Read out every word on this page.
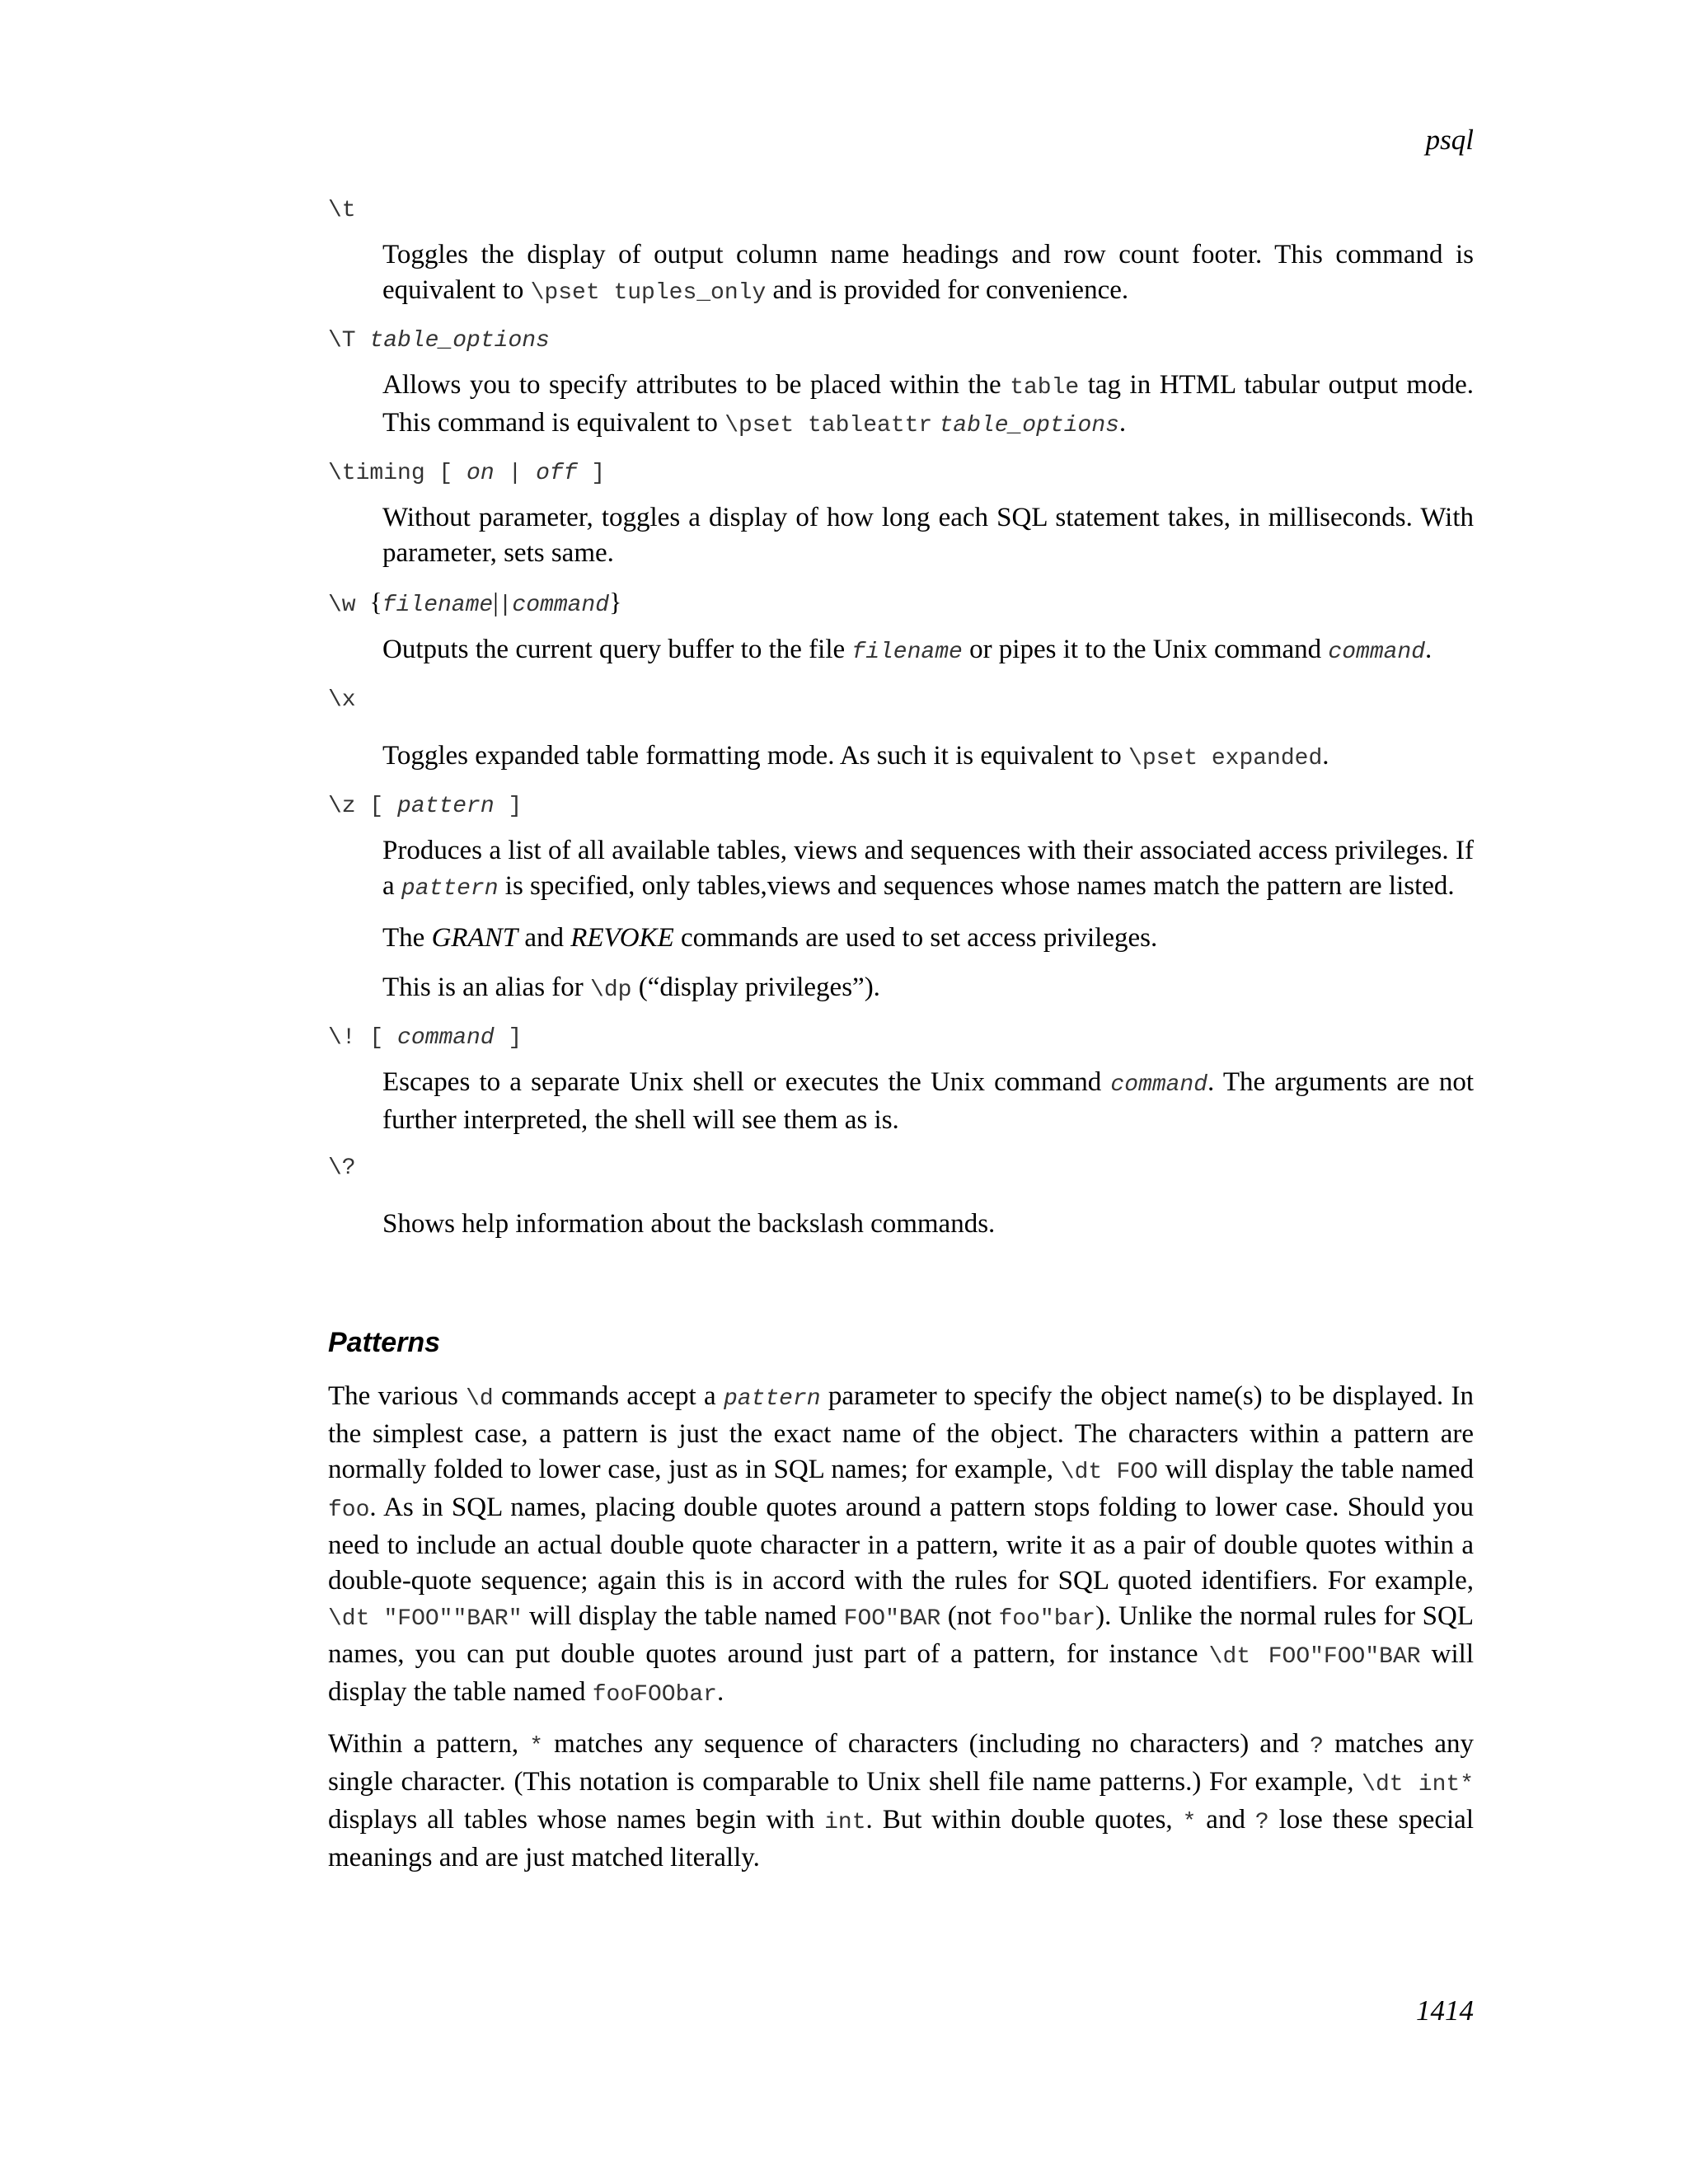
psql
\t

Toggles the display of output column name headings and row count footer. This command is equivalent to \pset tuples_only and is provided for convenience.

\T table_options

Allows you to specify attributes to be placed within the table tag in HTML tabular output mode. This command is equivalent to \pset tableattr table_options.

\timing [ on | off ]

Without parameter, toggles a display of how long each SQL statement takes, in milliseconds. With parameter, sets same.

\w {filename||command}

Outputs the current query buffer to the file filename or pipes it to the Unix command command.

\x

Toggles expanded table formatting mode. As such it is equivalent to \pset expanded.

\z [ pattern ]

Produces a list of all available tables, views and sequences with their associated access privileges. If a pattern is specified, only tables,views and sequences whose names match the pattern are listed.

The GRANT and REVOKE commands are used to set access privileges.

This is an alias for \dp (“display privileges”).

\! [ command ]

Escapes to a separate Unix shell or executes the Unix command command. The arguments are not further interpreted, the shell will see them as is.

\?

Shows help information about the backslash commands.

Patterns

The various \d commands accept a pattern parameter to specify the object name(s) to be displayed. In the simplest case, a pattern is just the exact name of the object. The characters within a pattern are normally folded to lower case, just as in SQL names; for example, \dt FOO will display the table named foo. As in SQL names, placing double quotes around a pattern stops folding to lower case. Should you need to include an actual double quote character in a pattern, write it as a pair of double quotes within a double-quote sequence; again this is in accord with the rules for SQL quoted identifiers. For example, \dt "FOO""BAR" will display the table named FOO"BAR (not foo"bar). Unlike the normal rules for SQL names, you can put double quotes around just part of a pattern, for instance \dt FOO"FOO"BAR will display the table named fooFOObar.

Within a pattern, * matches any sequence of characters (including no characters) and ? matches any single character. (This notation is comparable to Unix shell file name patterns.) For example, \dt int* displays all tables whose names begin with int. But within double quotes, * and ? lose these special meanings and are just matched literally.

1414
